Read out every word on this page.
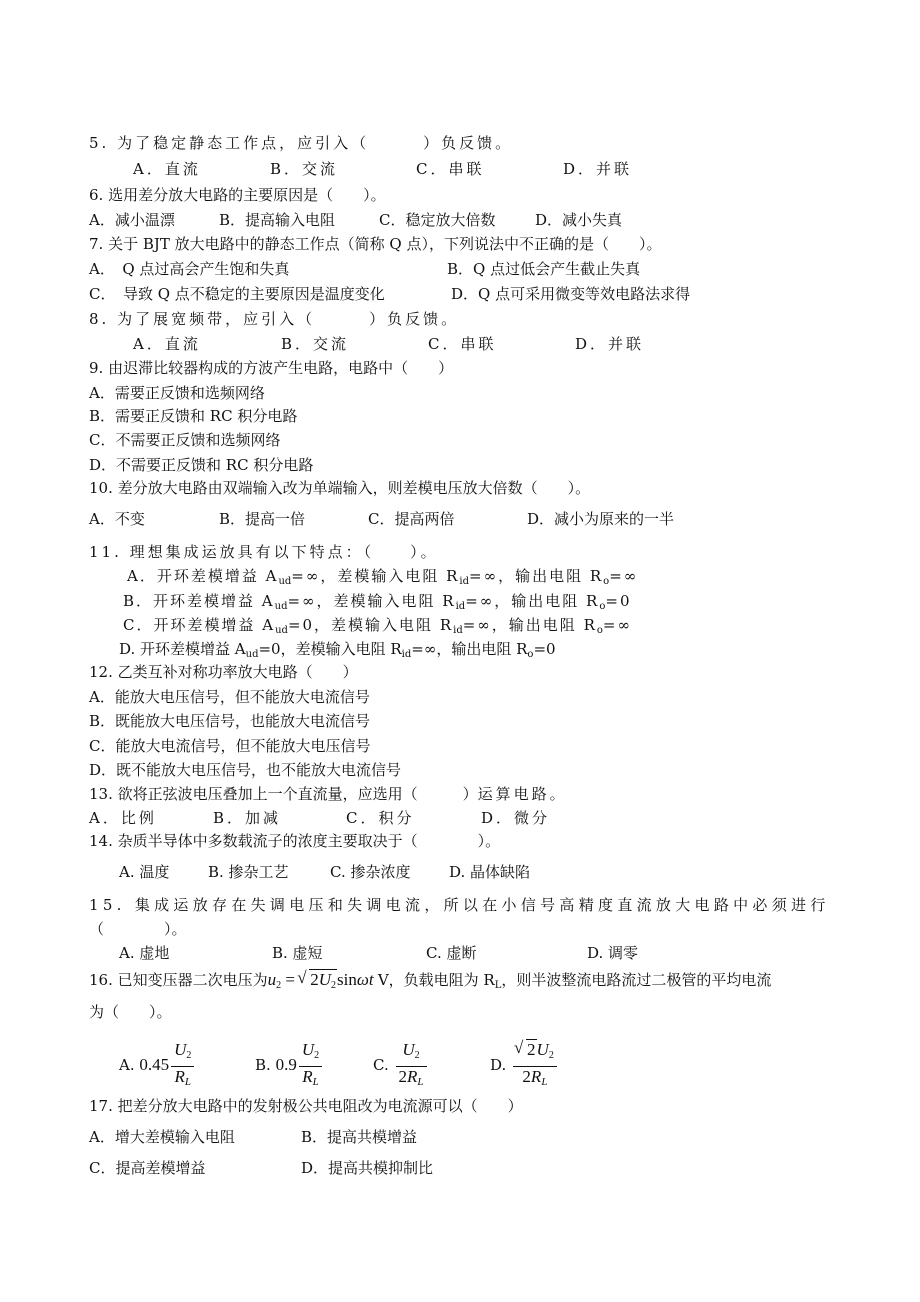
5. 为了稳定静态工作点，应引入（　　　）负反馈。
A．直流	B．交流	C．串联	D．并联
6. 选用差分放大电路的主要原因是（　　）。
A．减小温漂	B．提高输入电阻	C．稳定放大倍数	D．减小失真
7. 关于 BJT 放大电路中的静态工作点（简称 Q 点），下列说法中不正确的是（　　）。
A．　Q 点过高会产生饱和失真	B．Q 点过低会产生截止失真
C．　导致 Q 点不稳定的主要原因是温度变化	D．Q 点可采用微变等效电路法求得
8. 为了展宽频带，应引入（　　　）负反馈。
A．直流	B．交流	C．串联	D．并联
9. 由迟滞比较器构成的方波产生电路，电路中（　　）
A．需要正反馈和选频网络
B．需要正反馈和 RC 积分电路
C．不需要正反馈和选频网络
D．不需要正反馈和 RC 积分电路
10. 差分放大电路由双端输入改为单端输入，则差模电压放大倍数（　　）。
A．不变	B．提高一倍	C．提高两倍	D．减小为原来的一半
11. 理想集成运放具有以下特点：（　　）。
A．开环差模增益 $A_{ud}=\infty$，差模输入电阻 $R_{id}=\infty$，输出电阻 $R_o=\infty$
B．开环差模增益 $A_{ud}=\infty$，差模输入电阻 $R_{id}=\infty$，输出电阻 $R_o=0$
C．开环差模增益 $A_{ud}=0$，差模输入电阻 $R_{id}=\infty$，输出电阻 $R_o=\infty$
D. 开环差模增益 $A_{ud}=0$，差模输入电阻 $R_{id}=\infty$，输出电阻 $R_o=0$
12. 乙类互补对称功率放大电路（　　）
A．能放大电压信号，但不能放大电流信号
B．既能放大电压信号，也能放大电流信号
C．能放大电流信号，但不能放大电压信号
D．既不能放大电压信号，也不能放大电流信号
13. 欲将正弦波电压叠加上一个直流量，应选用（　　　）运算电路。
A．比例	B．加减	C．积分	D．微分
14. 杂质半导体中多数载流子的浓度主要取决于（　　　　）。
A. 温度	B. 掺杂工艺	C. 掺杂浓度	D. 晶体缺陷
15. 集成运放存在失调电压和失调电流，所以在小信号高精度直流放大电路中必须进行
（　　　　）。
A. 虚地	B. 虚短	C. 虚断	D. 调零
16. 已知变压器二次电压为$u_2$ = √ $2U_2\sin\omega t$ V，负载电阻为 $R_L$，则半波整流电路流过二极管的平均电流
为（　　）。
A. $0.45 \frac{U_2}{R_L}$	B. $0.9 \frac{U_2}{R_L}$	C. $\frac{U_2}{2R_L}$	D.
√ $\frac{2U_2}{2R_L}$
17. 把差分放大电路中的发射极公共电阻改为电流源可以（　　）
A．增大差模输入电阻	B．提高共模增益
C．提高差模增益	D．提高共模抑制比
